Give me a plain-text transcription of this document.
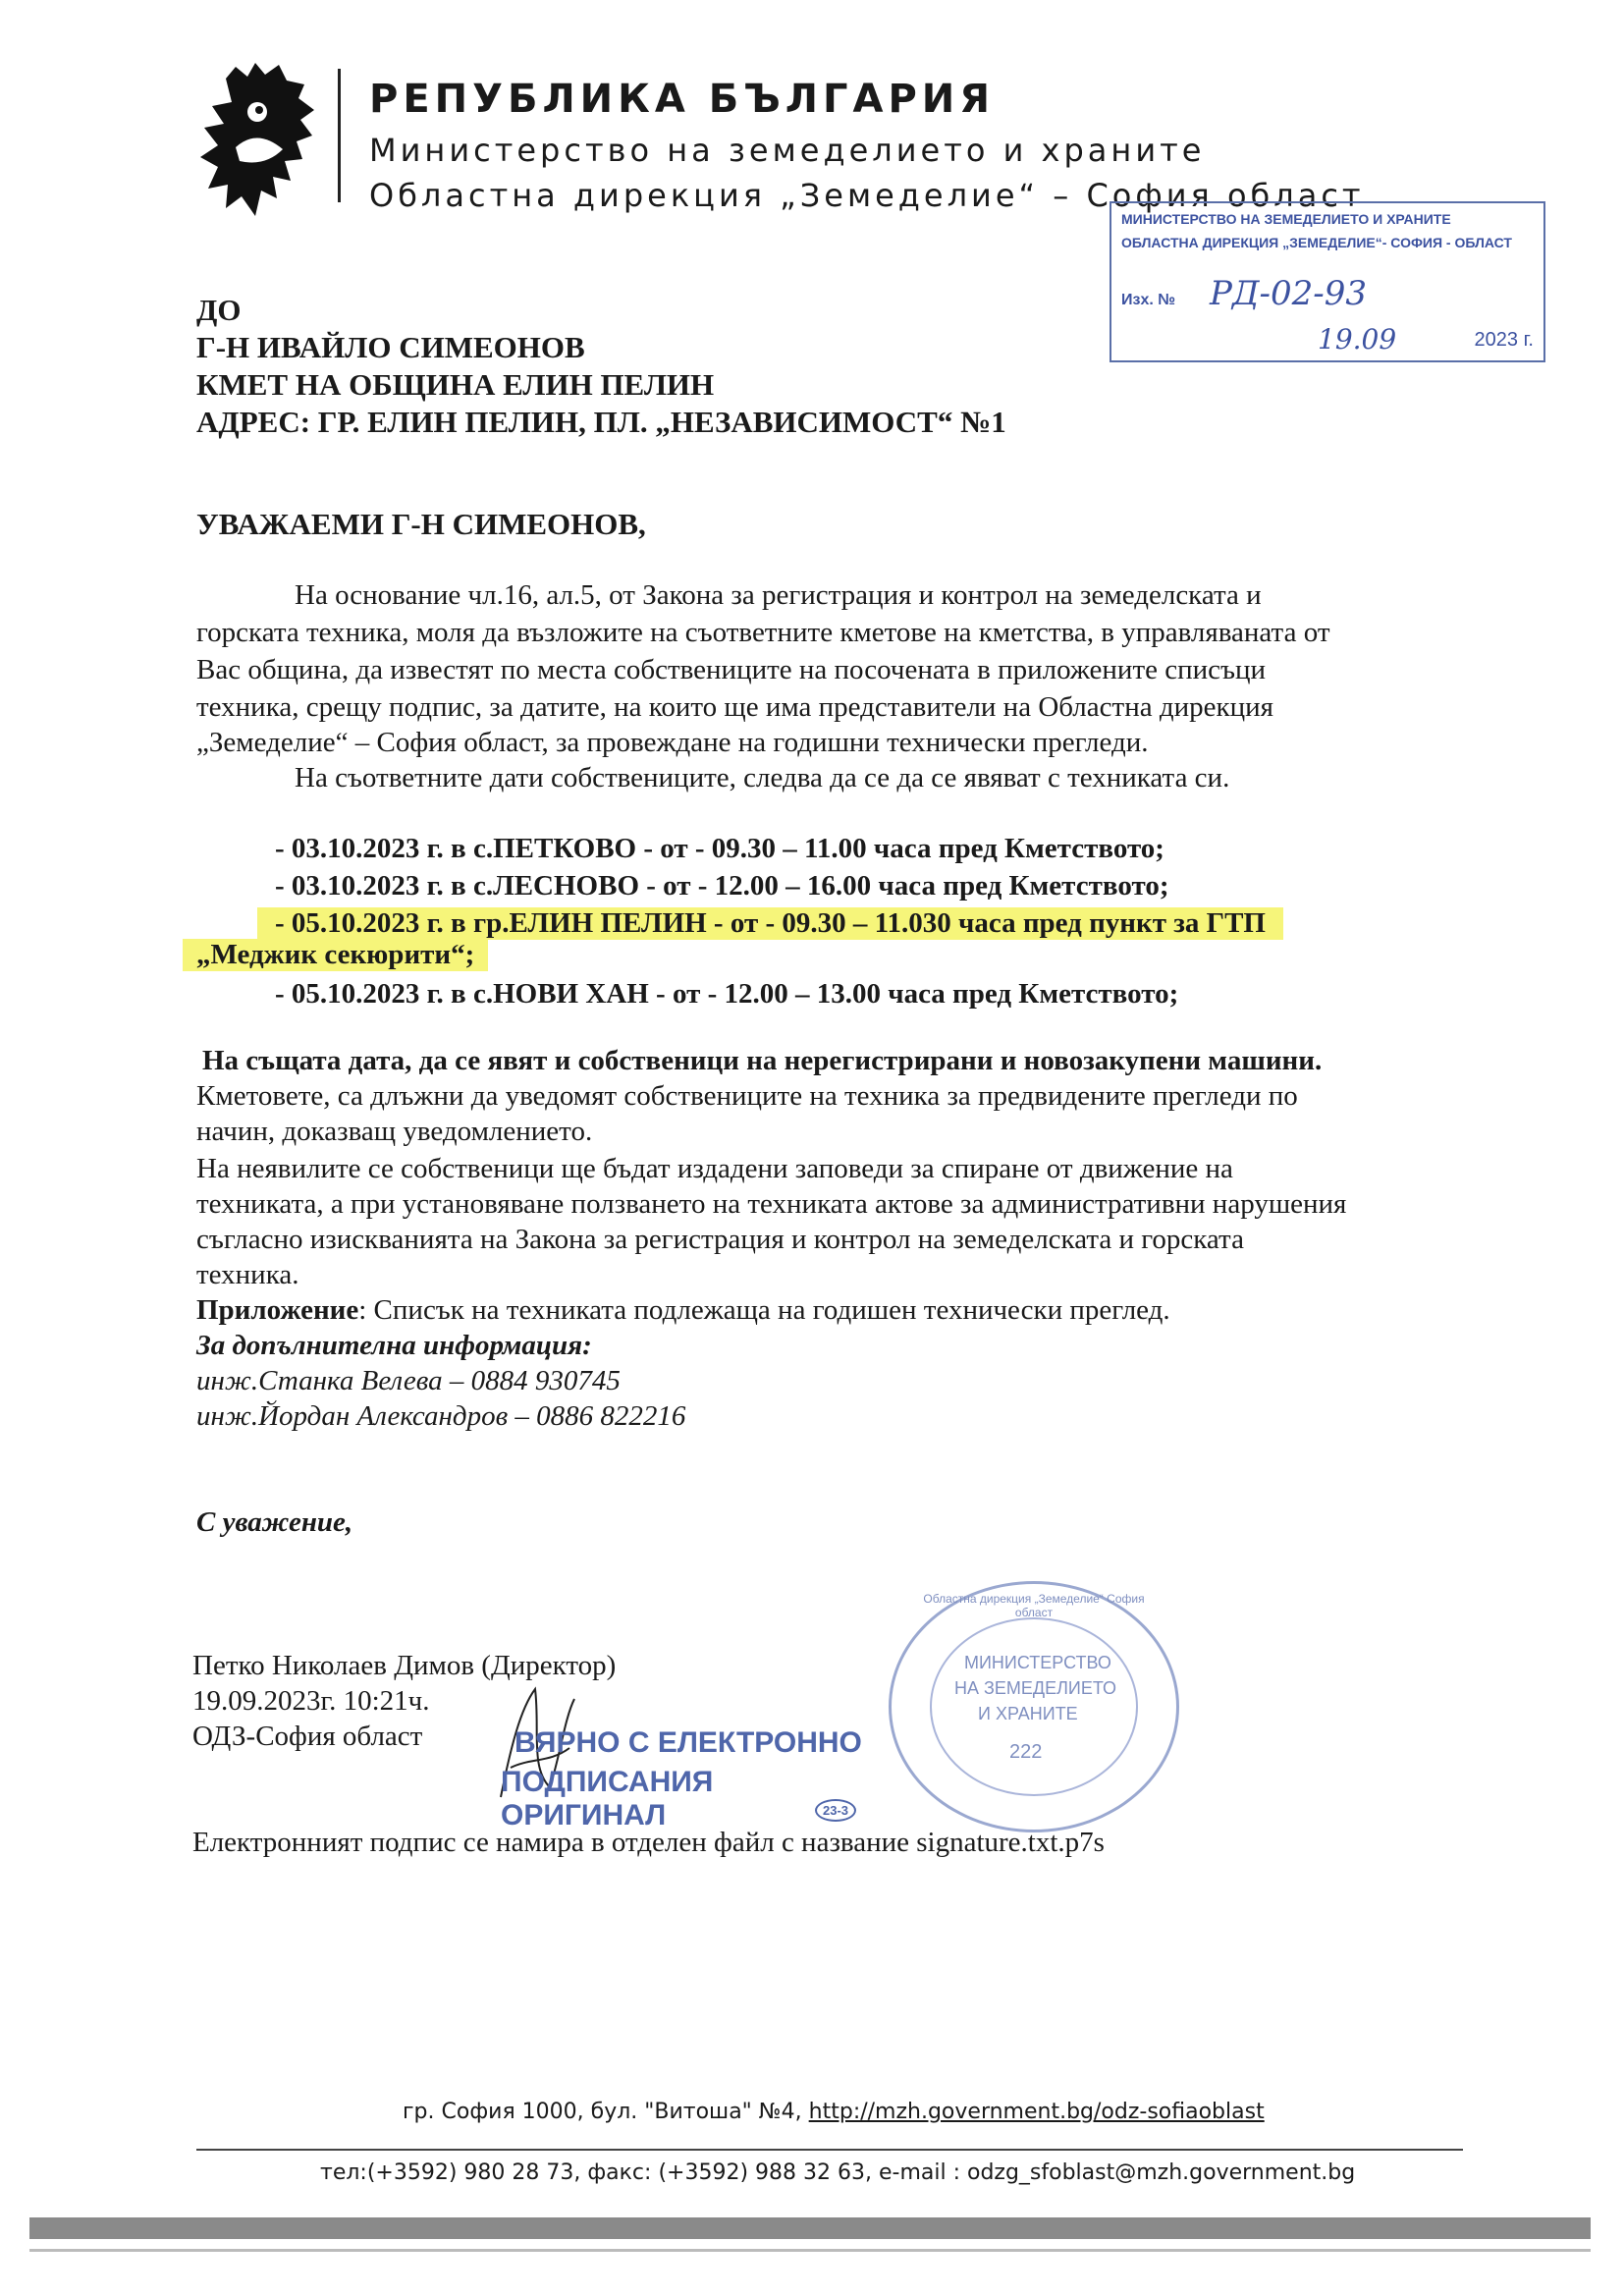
РЕПУБЛИКА БЪЛГАРИЯ
Министерство на земеделието и храните
Областна дирекция „Земеделие“ – София област
МИНИСТЕРСТВО НА ЗЕМЕДЕЛИЕТО И ХРАНИТЕ
ОБЛАСТНА ДИРЕКЦИЯ „ЗЕМЕДЕЛИЕ“- СОФИЯ - ОБЛАСТ
Изх. № РД-02-93
19.09	2023 г.
ДО
Г-Н ИВАЙЛО СИМЕОНОВ
КМЕТ НА ОБЩИНА ЕЛИН ПЕЛИН
АДРЕС: ГР. ЕЛИН ПЕЛИН, ПЛ. „НЕЗАВИСИМОСТ“ №1
УВАЖАЕМИ Г-Н СИМЕОНОВ,
На основание чл.16, ал.5, от Закона за регистрация и контрол на земеделската и
горската техника, моля да възложите на съответните кметове на кметства, в управляваната от
Вас община, да известят по места собствениците на посочената в приложените списъци
техника, срещу подпис, за датите, на които ще има представители на Областна дирекция
„Земеделие“ – София област, за провеждане на годишни технически прегледи.
На съответните дати собствениците, следва да се да се явяват с техниката си.
- 03.10.2023 г. в с.ПЕТКОВО - от - 09.30 – 11.00 часа пред Кметството;
- 03.10.2023 г. в с.ЛЕСНОВО - от - 12.00 – 16.00 часа пред Кметството;
- 05.10.2023 г. в гр.ЕЛИН ПЕЛИН - от - 09.30 – 11.030 часа пред пункт за ГТП
„Меджик секюрити“;
- 05.10.2023 г. в с.НОВИ ХАН - от - 12.00 – 13.00 часа пред Кметството;
На същата дата, да се явят и собственици на нерегистрирани и новозакупени машини.
Кметовете, са длъжни да уведомят собствениците на техника за предвидените прегледи по
начин, доказващ уведомлението.
На неявилите се собственици ще бъдат издадени заповеди за спиране от движение на
техниката, а при установяване ползването на техниката актове за административни нарушения
съгласно изискванията на Закона за регистрация и контрол на земеделската и горската
техника.
Приложение: Списък на техниката подлежаща на годишен технически преглед.
За допълнителна информация:
инж.Станка Велева – 0884 930745
инж.Йордан Александров – 0886 822216
С уважение,
Петко Николаев Димов (Директор)
19.09.2023г. 10:21ч.
ОДЗ-София област
Електронният подпис се намира в отделен файл с название signature.txt.p7s
ВЯРНО С ЕЛЕКТРОННО
ПОДПИСАНИЯ ОРИГИНАЛ	23-3
МИНИСТЕРСТВО
НА ЗЕМЕДЕЛИЕТО
И ХРАНИТЕ
222
Областна дирекция „Земеделие“ София област
гр. София 1000, бул. "Витоша" №4, http://mzh.government.bg/odz-sofiaoblast
тел:(+3592) 980 28 73, факс: (+3592) 988 32 63, e-mail : odzg_sfoblast@mzh.government.bg
